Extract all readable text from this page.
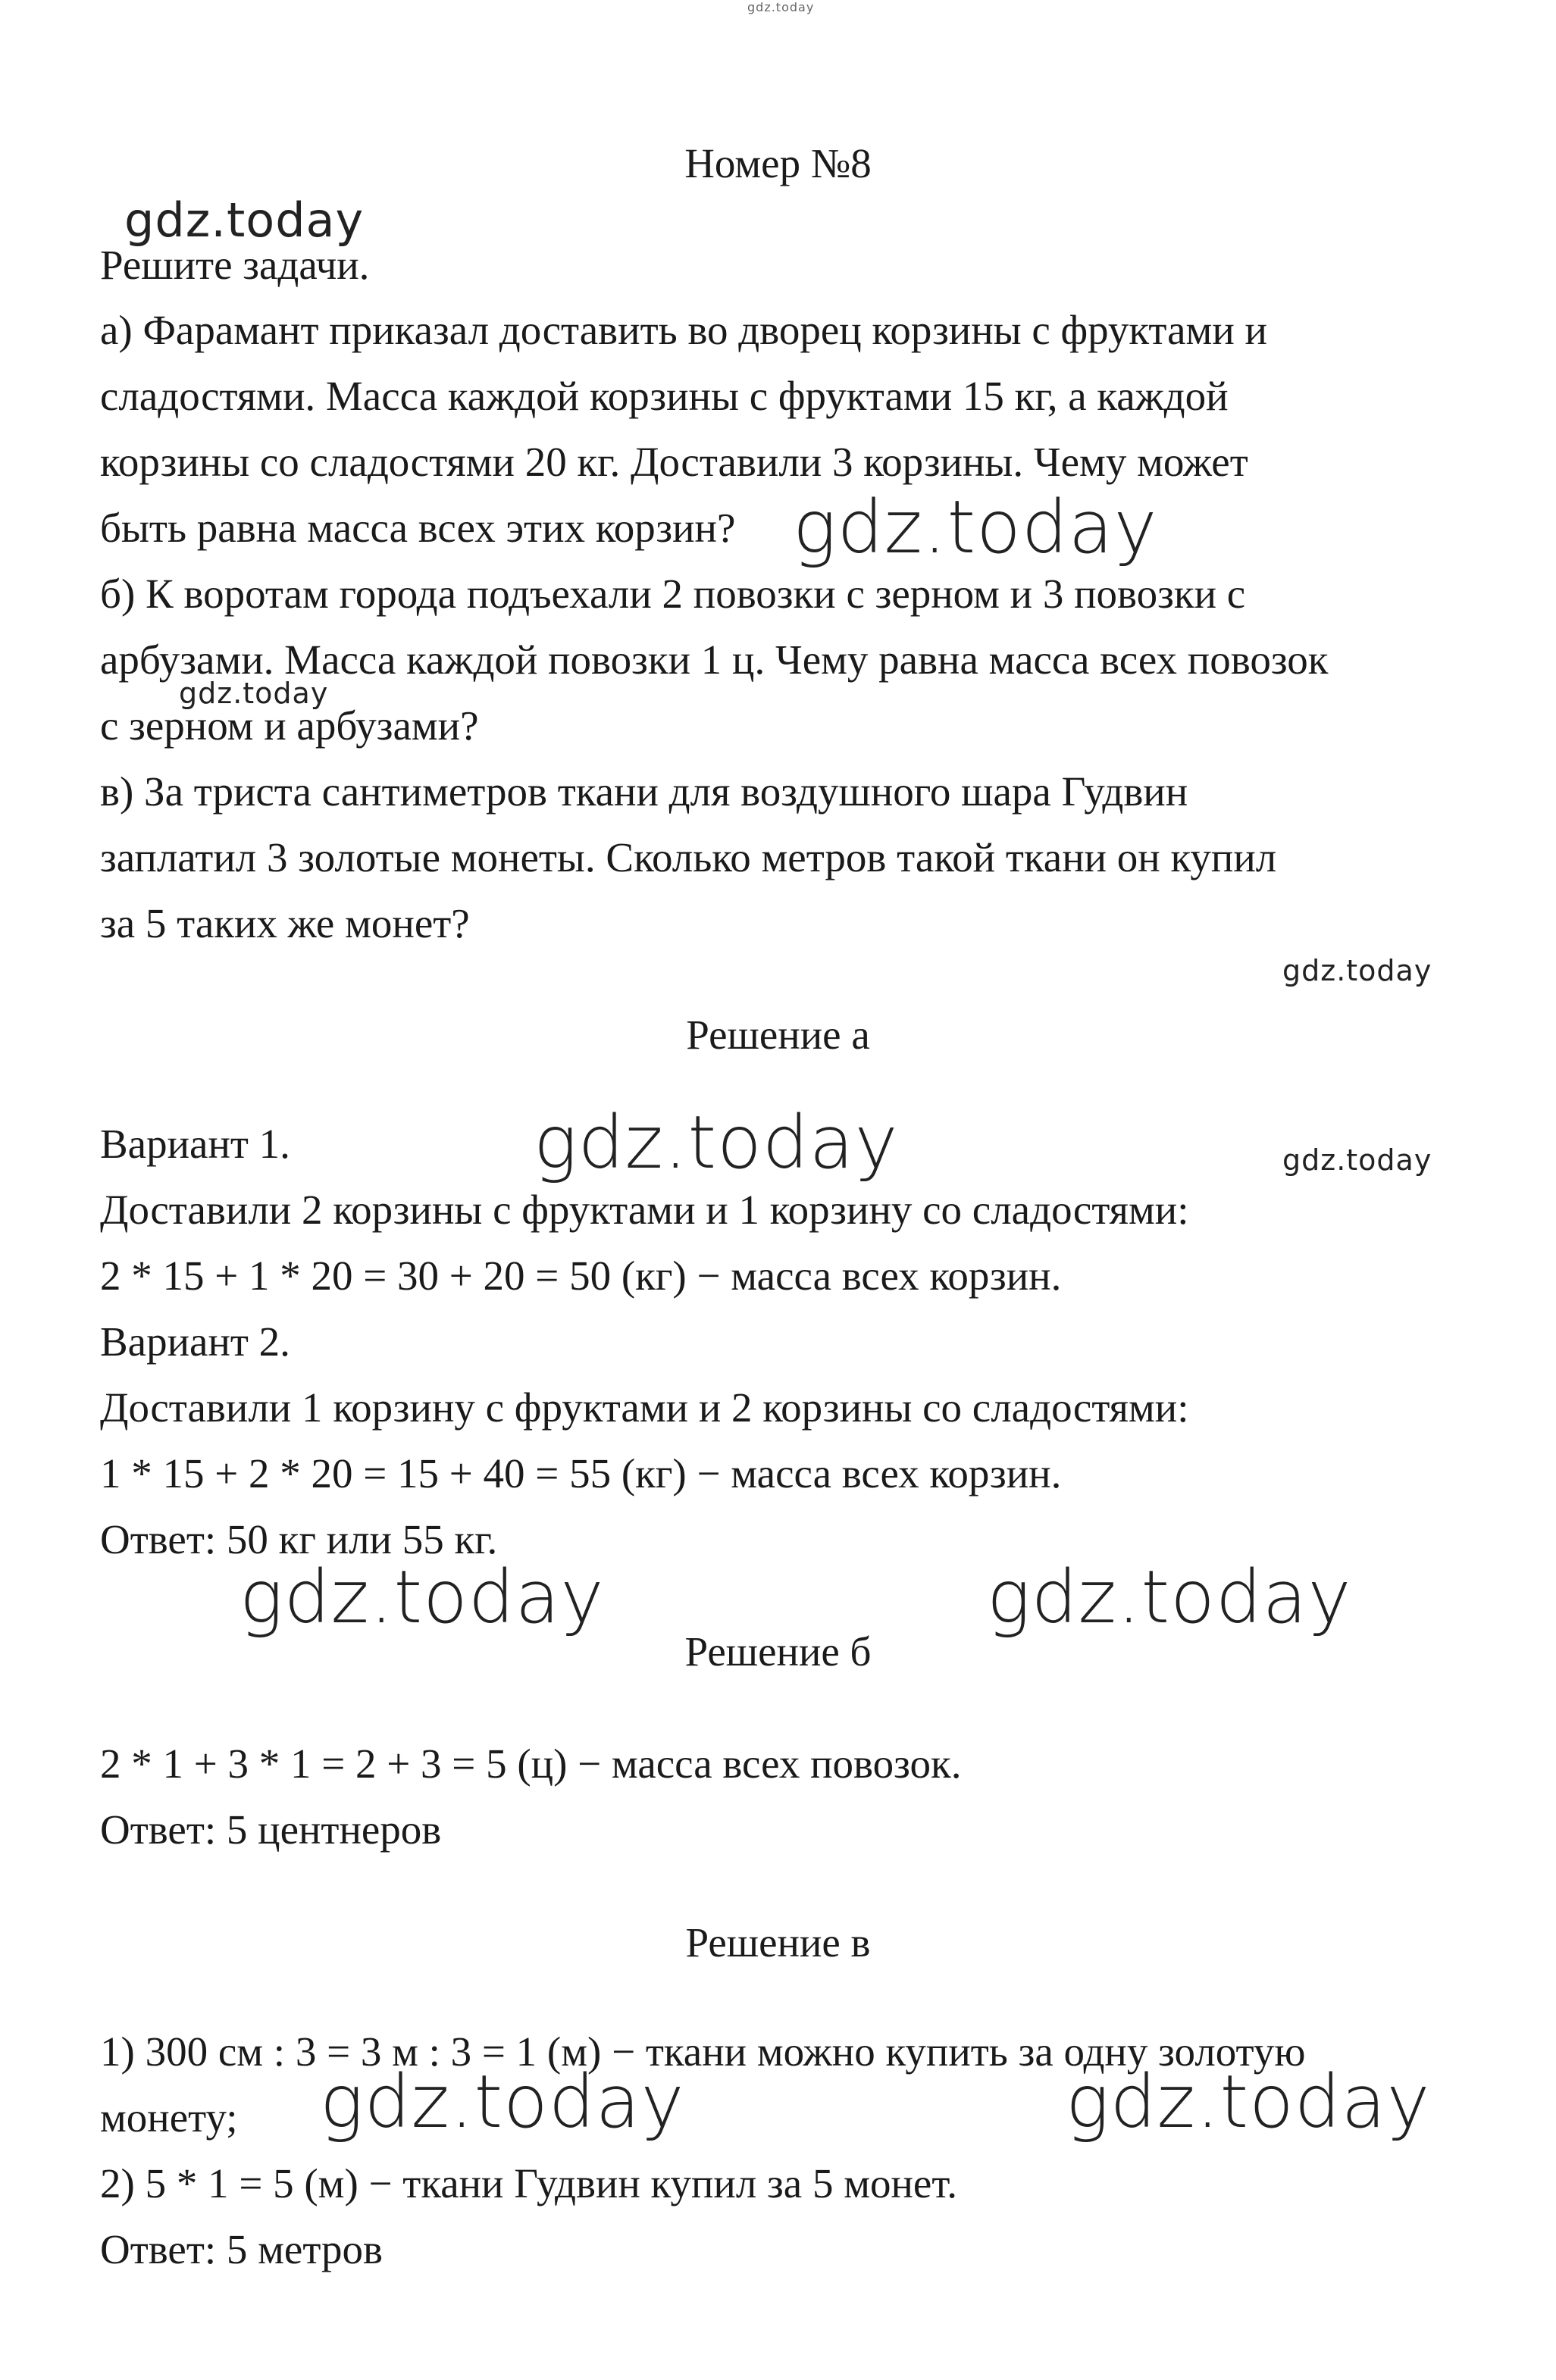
Номер №8
Решите задачи.
а) Фарамант приказал доставить во дворец корзины с фруктами и
сладостями. Масса каждой корзины с фруктами 15 кг, а каждой
корзины со сладостями 20 кг. Доставили 3 корзины. Чему может
быть равна масса всех этих корзин?
б) К воротам города подъехали 2 повозки с зерном и 3 повозки с
арбузами. Масса каждой повозки 1 ц. Чему равна масса всех повозок
с зерном и арбузами?
в) За триста сантиметров ткани для воздушного шара Гудвин
заплатил 3 золотые монеты. Сколько метров такой ткани он купил
за 5 таких же монет?
Решение а
Вариант 1.
Доставили 2 корзины с фруктами и 1 корзину со сладостями:
2 * 15 + 1 * 20 = 30 + 20 = 50 (кг) − масса всех корзин.
Вариант 2.
Доставили 1 корзину с фруктами и 2 корзины со сладостями:
1 * 15 + 2 * 20 = 15 + 40 = 55 (кг) − масса всех корзин.
Ответ: 50 кг или 55 кг.
Решение б
2 * 1 + 3 * 1 = 2 + 3 = 5 (ц) − масса всех повозок.
Ответ: 5 центнеров
Решение в
1) 300 см : 3 = 3 м : 3 = 1 (м) − ткани можно купить за одну золотую
монету;
2) 5 * 1 = 5 (м) − ткани Гудвин купил за 5 монет.
Ответ: 5 метров
gdz.today
gdz.today
gdz.today
gdz.today
gdz.today
gdz.today	gdz.today
gdz.today	gdz.today
gdz.today	gdz.today
